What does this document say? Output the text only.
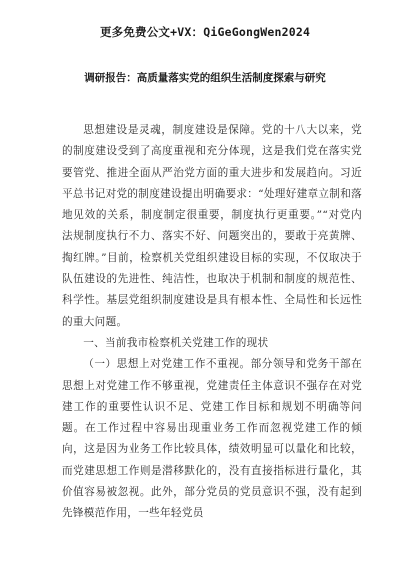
更多免费公文+VX：QiGeGongWen2024
调研报告：高质量落实党的组织生活制度探索与研究

思想建设是灵魂，制度建设是保障。党的十八大以来，党的制度建设受到了高度重视和充分体现，这是我们党在落实党要管党、推进全面从严治党方面的重大进步和发展趋向。习近平总书记对党的制度建设提出明确要求：“处理好建章立制和落地见效的关系，制度制定很重要，制度执行更重要。”“对党内法规制度执行不力、落实不好、问题突出的，要敢于亮黄牌、掏红牌。”目前，检察机关党组织建设目标的实现，不仅取决于队伍建设的先进性、纯洁性，也取决于机制和制度的规范性、科学性。基层党组织制度建设是具有根本性、全局性和长远性的重大问题。

一、当前我市检察机关党建工作的现状

（一）思想上对党建工作不重视。部分领导和党务干部在思想上对党建工作不够重视，党建责任主体意识不强存在对党建工作的重要性认识不足、党建工作目标和规划不明确等问题。在工作过程中容易出现重业务工作而忽视党建工作的倾向，这是因为业务工作比较具体，绩效明显可以量化和比较，而党建思想工作则是潜移默化的，没有直接指标进行量化，其价值容易被忽视。此外，部分党员的党员意识不强，没有起到先锋模范作用，一些年轻党员
